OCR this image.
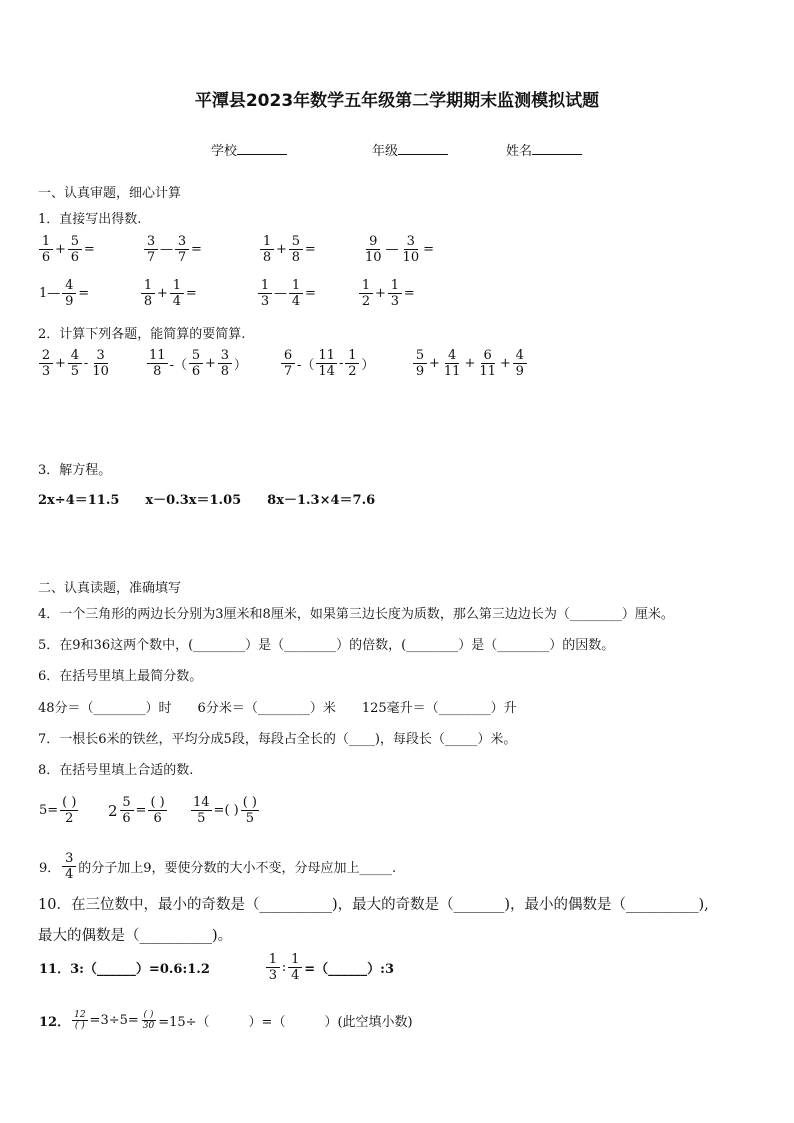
平潭县2023年数学五年级第二学期期末监测模拟试题
学校	年级	姓名
一、认真审题，细心计算
1．直接写出得数.
$\frac{1}{6} + \frac{5}{6}$ =	$\frac{3}{7}$ — $\frac{3}{7}$ =	$\frac{1}{8} + \frac{5}{8}$ =	$\frac{9}{10}$ — $\frac{3}{10}$ =
1— $\frac{4}{9}$ =	$\frac{1}{8} + \frac{1}{4}$ =	$\frac{1}{3}$ — $\frac{1}{4}$ =	$\frac{1}{2} + \frac{1}{3}$ =
2．计算下列各题，能简算的要简算.
$\frac{2}{3} + \frac{4}{5} - \frac{3}{10}$	$\frac{11}{8}$ -（ $\frac{5}{6} + \frac{3}{8}$ ）	$\frac{6}{7}$ -（ $\frac{11}{14} - \frac{1}{2}$ ）	$\frac{5}{9} + \frac{4}{11} + \frac{6}{11} + \frac{4}{9}$
3．解方程。
2x÷4＝11.5　　x－0.3x＝1.05　　8x－1.3×4＝7.6
二、认真读题，准确填写
4．一个三角形的两边长分别为3厘米和8厘米，如果第三边长度为质数，那么第三边边长为（________）厘米。
5．在9和36这两个数中，(________）是（________）的倍数，(________）是（________）的因数。
6．在括号里填上最简分数。
48分＝（________）时　　6分米＝（________）米　　125毫升＝（________）升
7．一根长6米的铁丝，平均分成5段，每段占全长的（____)，每段长（_____）米。
8．在括号里填上合适的数.
$5= \frac{( )}{2} 2 \frac{5}{6} = \frac{( )}{6} \frac{14}{5}$ =( ) $\frac{( )}{5}$
9． $\frac{3}{4}$ 的分子加上9，要使分数的大小不变，分母应加上_____.
10．在三位数中，最小的奇数是（__________)，最大的奇数是（_______)，最小的偶数是（__________),
最大的偶数是（__________)。
11．3:（______）=0.6:1.2	$\frac{1}{3}$ : $\frac{1}{4}$ =（______）:3
12． $\frac{12}{( )} =3\div 5= \frac{( )}{30} =15\div$（　　　）=（　　　）(此空填小数)
